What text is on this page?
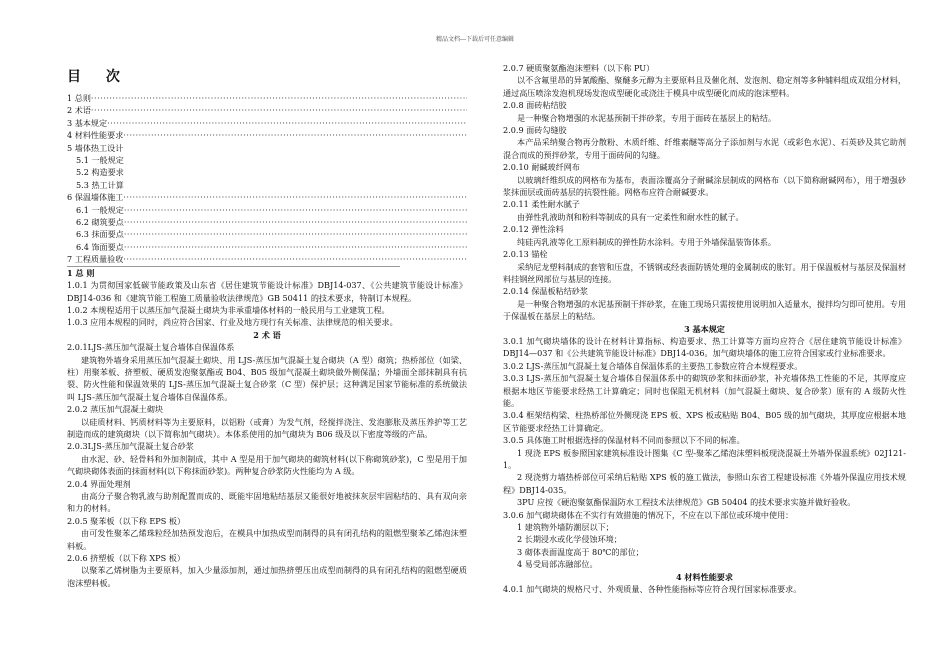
精品文档---下载后可任意编辑
目 次
1 总则
·····
2 术语
·····
3 基本规定
·····
4 材料性能要求
·····
5 墙体热工设计
5.1 一般规定
5.2 构造要求
5.3 热工计算
6 保温墙体施工
·····
6.1 一般规定
·····
6.2 砌筑要点
·····
6.3 抹面要点
·····
6.4 饰面要点
·····
7 工程质量验收
·····
1 总 则
1.0.1 为贯彻国家低碳节能政策及山东省《居住建筑节能设计标准》DBJ14-037、《公共建筑节能设计标准》DBJ14-036 和《建筑节能工程施工质量验收法律规范》GB 50411 的技术要求，特制订本规程。
1.0.2 本规程适用于以蒸压加气混凝土砌块为非承重墙体材料的一般民用与工业建筑工程。
1.0.3 应用本规程的同时，尚应符合国家、行业及地方现行有关标准、法律规范的相关要求。
2 术 语
2.0.1LJS-蒸压加气混凝土复合墙体自保温体系
建筑物外墙身采用蒸压加气混凝土砌块、用 LJS-蒸压加气混凝土复合砌块（A 型）砌筑；热桥部位（如梁、柱）用聚苯板、挤塑板、硬质发泡聚氨酯或 B04、B05 级加气混凝土砌块做外侧保温；外墙面全部抹制具有抗裂、防火性能和保温效果的 LJS-蒸压加气混凝土复合砂浆（C 型）保护层；这种满足国家节能标准的系统做法叫 LJS-蒸压加气混凝土复合墙体自保温体系。
2.0.2 蒸压加气混凝土砌块
以硅质材料、钙质材料等为主要原料，以铝粉（或膏）为发气剂，经搅拌浇注、发泡膨胀及蒸压养护等工艺制造而成的建筑砌块（以下简称加气砌块）。本体系使用的加气砌块为 B06 级及以下密度等级的产品。
2.0.3LJS-蒸压加气混凝土复合砂浆
由水泥、砂、轻骨料和外加剂制成，其中 A 型是用于加气砌块的砌筑材料(以下称砌筑砂浆)，C 型是用于加气砌块砌体表面的抹面材料(以下称抹面砂浆)。两种复合砂浆防火性能均为 A 级。
2.0.4 界面处理剂
由高分子聚合物乳液与助剂配置而成的、既能牢固地粘结基层又能很好地被抹灰层牢固粘结的、具有双向亲和力的材料。
2.0.5 聚苯板（以下称 EPS 板）
由可发性聚苯乙烯珠粒经加热预发泡后，在模具中加热成型而制得的具有闭孔结构的阻燃型聚苯乙烯泡沫塑料板。
2.0.6 挤塑板（以下称 XPS 板）
以聚苯乙烯树脂为主要原料，加入少量添加剂，通过加热挤塑压出成型而制得的具有闭孔结构的阻燃型硬质泡沫塑料板。
2.0.7 硬质聚氨酯泡沫塑料（以下称 PU）
以不含氟里昂的异氰酸酯、聚醚多元醇为主要原料且及催化剂、发泡剂、稳定剂等多种辅料组成双组分材料，通过高压喷涂发泡机现场发泡成型硬化或浇注于模具中成型硬化而成的泡沫塑料。
2.0.8 面砖粘结胶
是一种聚合物增强的水泥基预制干拌砂浆，专用于面砖在基层上的粘结。
2.0.9 面砖勾缝胶
本产品采纳聚合物再分散粉、木质纤维、纤维素醚等高分子添加剂与水泥（或彩色水泥）、石英砂及其它助剂混合而成的预拌砂浆，专用于面砖间的勾缝。
2.0.10 耐碱玻纤网布
以玻璃纤维织成的网格布为基布，表面涂覆高分子耐碱涂层制成的网格布（以下简称耐碱网布），用于增强砂浆抹面层或面砖基层的抗裂性能。网格布应符合耐碱要求。
2.0.11 柔性耐水腻子
由弹性乳液助剂和粉料等制成的具有一定柔性和耐水性的腻子。
2.0.12 弹性涂料
纯硅丙乳液等化工原料制成的弹性防水涂料。专用于外墙保温装饰体系。
2.0.13 锚栓
采纳尼龙塑料制成的套管和压盘，不锈钢或经表面防锈处理的金属制成的胀钉。用于保温板材与基层及保温材料挂钢丝网部位与基层的连接。
2.0.14 保温板粘结砂浆
是一种聚合物增强的水泥基预制干拌砂浆，在施工现场只需按使用说明加入适量水，搅拌均匀即可使用。专用于保温板在基层上的粘结。
3 基本规定
3.0.1 加气砌块墙体的设计在材料计算指标、构造要求、热工计算等方面均应符合《居住建筑节能设计标准》DBJ14—037 和《公共建筑节能设计标准》DBJ14-036。加气砌块墙体的施工应符合国家或行业标准要求。
3.0.2 LJS-蒸压加气混凝土复合墙体自保温体系的主要热工参数应符合本规程要求。
3.0.3 LJS-蒸压加气混凝土复合墙体自保温体系中的砌筑砂浆和抹面砂浆，补充墙体热工性能的不足，其厚度应根据本地区节能要求经热工计算确定；同时也保阻无机材料（加气混凝土砌块、复合砂浆）原有的 A 级防火性能。
3.0.4 框架结构梁、柱热桥部位外侧现浇 EPS 板、XPS 板或粘贴 B04、B05 级的加气砌块，其厚度应根据本地区节能要求经热工计算确定。
3.0.5 具体施工时根据选择的保温材料不同而参照以下不同的标准。
1 现浇 EPS 板参照国家建筑标准设计图集《C 型-聚苯乙烯泡沫塑料板现浇混凝土外墙外保温系统》02J121-1。
2 现浇剪力墙热桥部位可采纳后粘贴 XPS 板的施工做法，参照山东省工程建设标准《外墙外保温应用技术规程》DBJ14-035。
3PU 应按《硬泡聚氨酯保温防水工程技术法律规范》GB 50404 的技术要求实施并做好验收。
3.0.6 加气砌块砌体在不实行有效措施的情况下，不应在以下部位或环境中使用：
1 建筑物外墙防潮层以下；
2 长期浸水或化学侵蚀环境；
3 砌体表面温度高于 80℃的部位；
4 易受局部冻融部位。
4 材料性能要求
4.0.1 加气砌块的规格尺寸、外观质量、各种性能指标等应符合现行国家标准要求。
